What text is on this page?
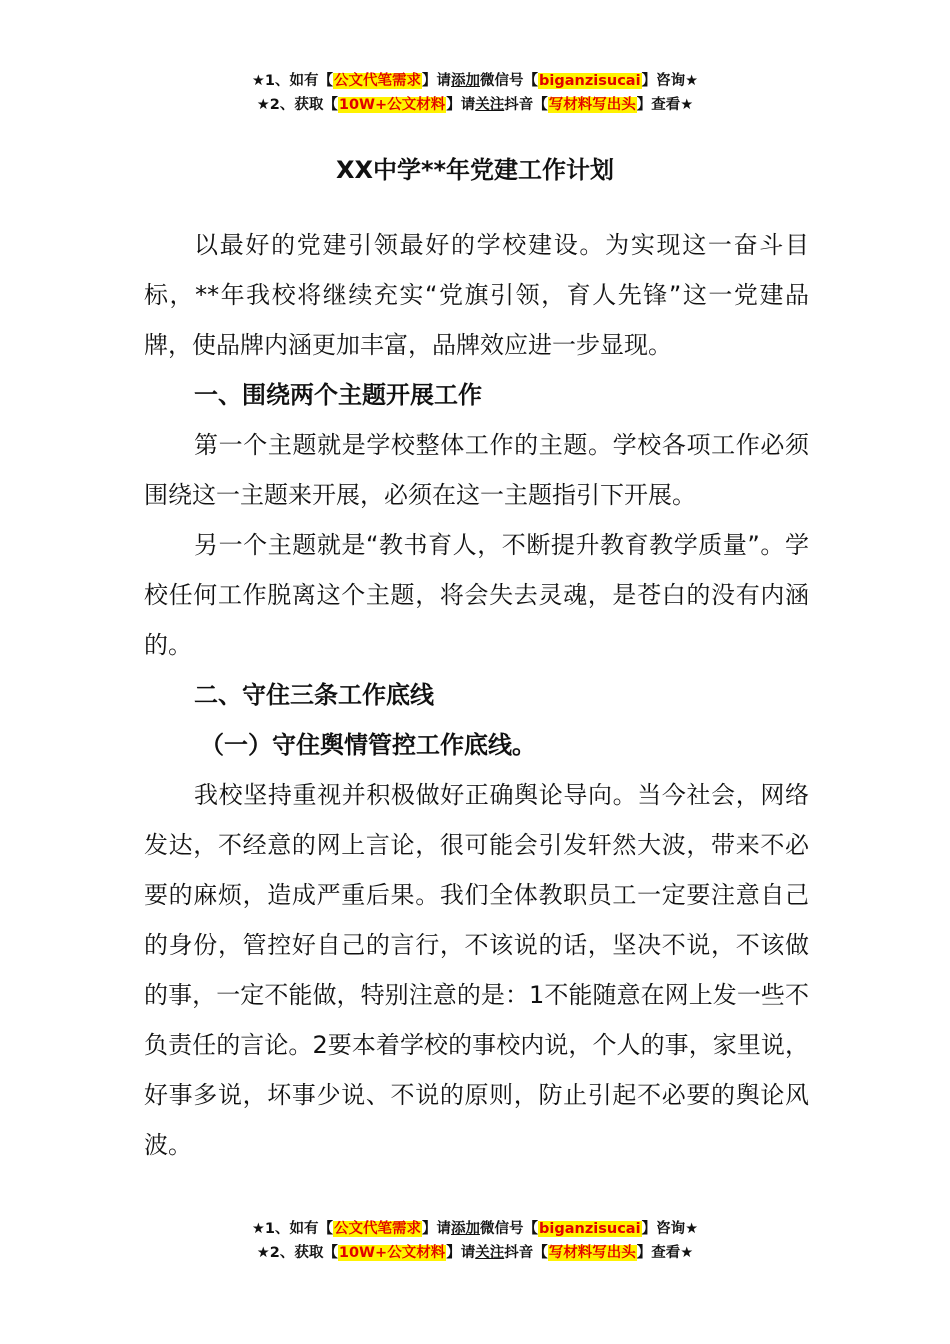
★1、如有【公文代笔需求】请添加微信号【biganzisucai】咨询★
★2、获取【10W+公文材料】请关注抖音【写材料写出头】查看★
XX中学**年党建工作计划

以最好的党建引领最好的学校建设。为实现这一奋斗目标，**年我校将继续充实“党旗引领，育人先锋”这一党建品牌，使品牌内涵更加丰富，品牌效应进一步显现。

一、围绕两个主题开展工作

第一个主题就是学校整体工作的主题。学校各项工作必须围绕这一主题来开展，必须在这一主题指引下开展。

另一个主题就是“教书育人，不断提升教育教学质量”。学校任何工作脱离这个主题，将会失去灵魂，是苍白的没有内涵的。

二、守住三条工作底线

（一）守住舆情管控工作底线。

我校坚持重视并积极做好正确舆论导向。当今社会，网络发达，不经意的网上言论，很可能会引发轩然大波，带来不必要的麻烦，造成严重后果。我们全体教职员工一定要注意自己的身份，管控好自己的言行，不该说的话，坚决不说，不该做的事，一定不能做，特别注意的是：1不能随意在网上发一些不负责任的言论。2要本着学校的事校内说，个人的事，家里说，好事多说，坏事少说、不说的原则，防止引起不必要的舆论风波。

★1、如有【公文代笔需求】请添加微信号【biganzisucai】咨询★
★2、获取【10W+公文材料】请关注抖音【写材料写出头】查看★
